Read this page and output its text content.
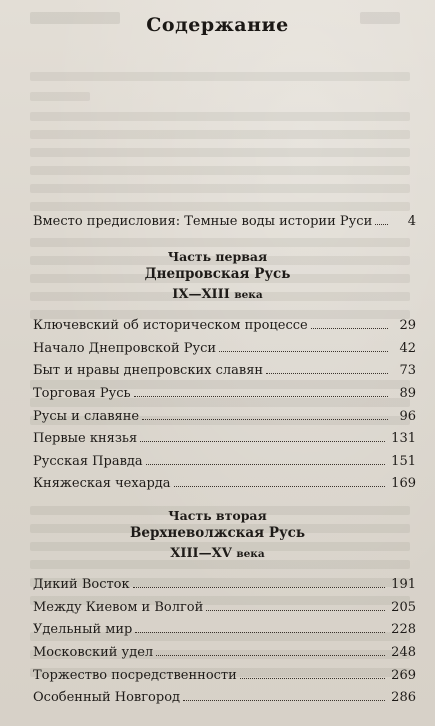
Содержание
Вместо предисловия: Темные воды истории Руси	4
Ключевский об историческом процессе	29
Начало Днепровской Руси	42
Быт и нравы днепровских славян	73
Торговая Русь	89
Русы и славяне	96
Первые князья	131
Русская Правда	151
Княжеская чехарда	169
Дикий Восток	191
Между Киевом и Волгой	205
Удельный мир	228
Московский удел	248
Торжество посредственности	269
Особенный Новгород	286
Часть первая
Днепровская Русь
IX—XIII века
Часть вторая
Верхневолжская Русь
XIII—XV века
